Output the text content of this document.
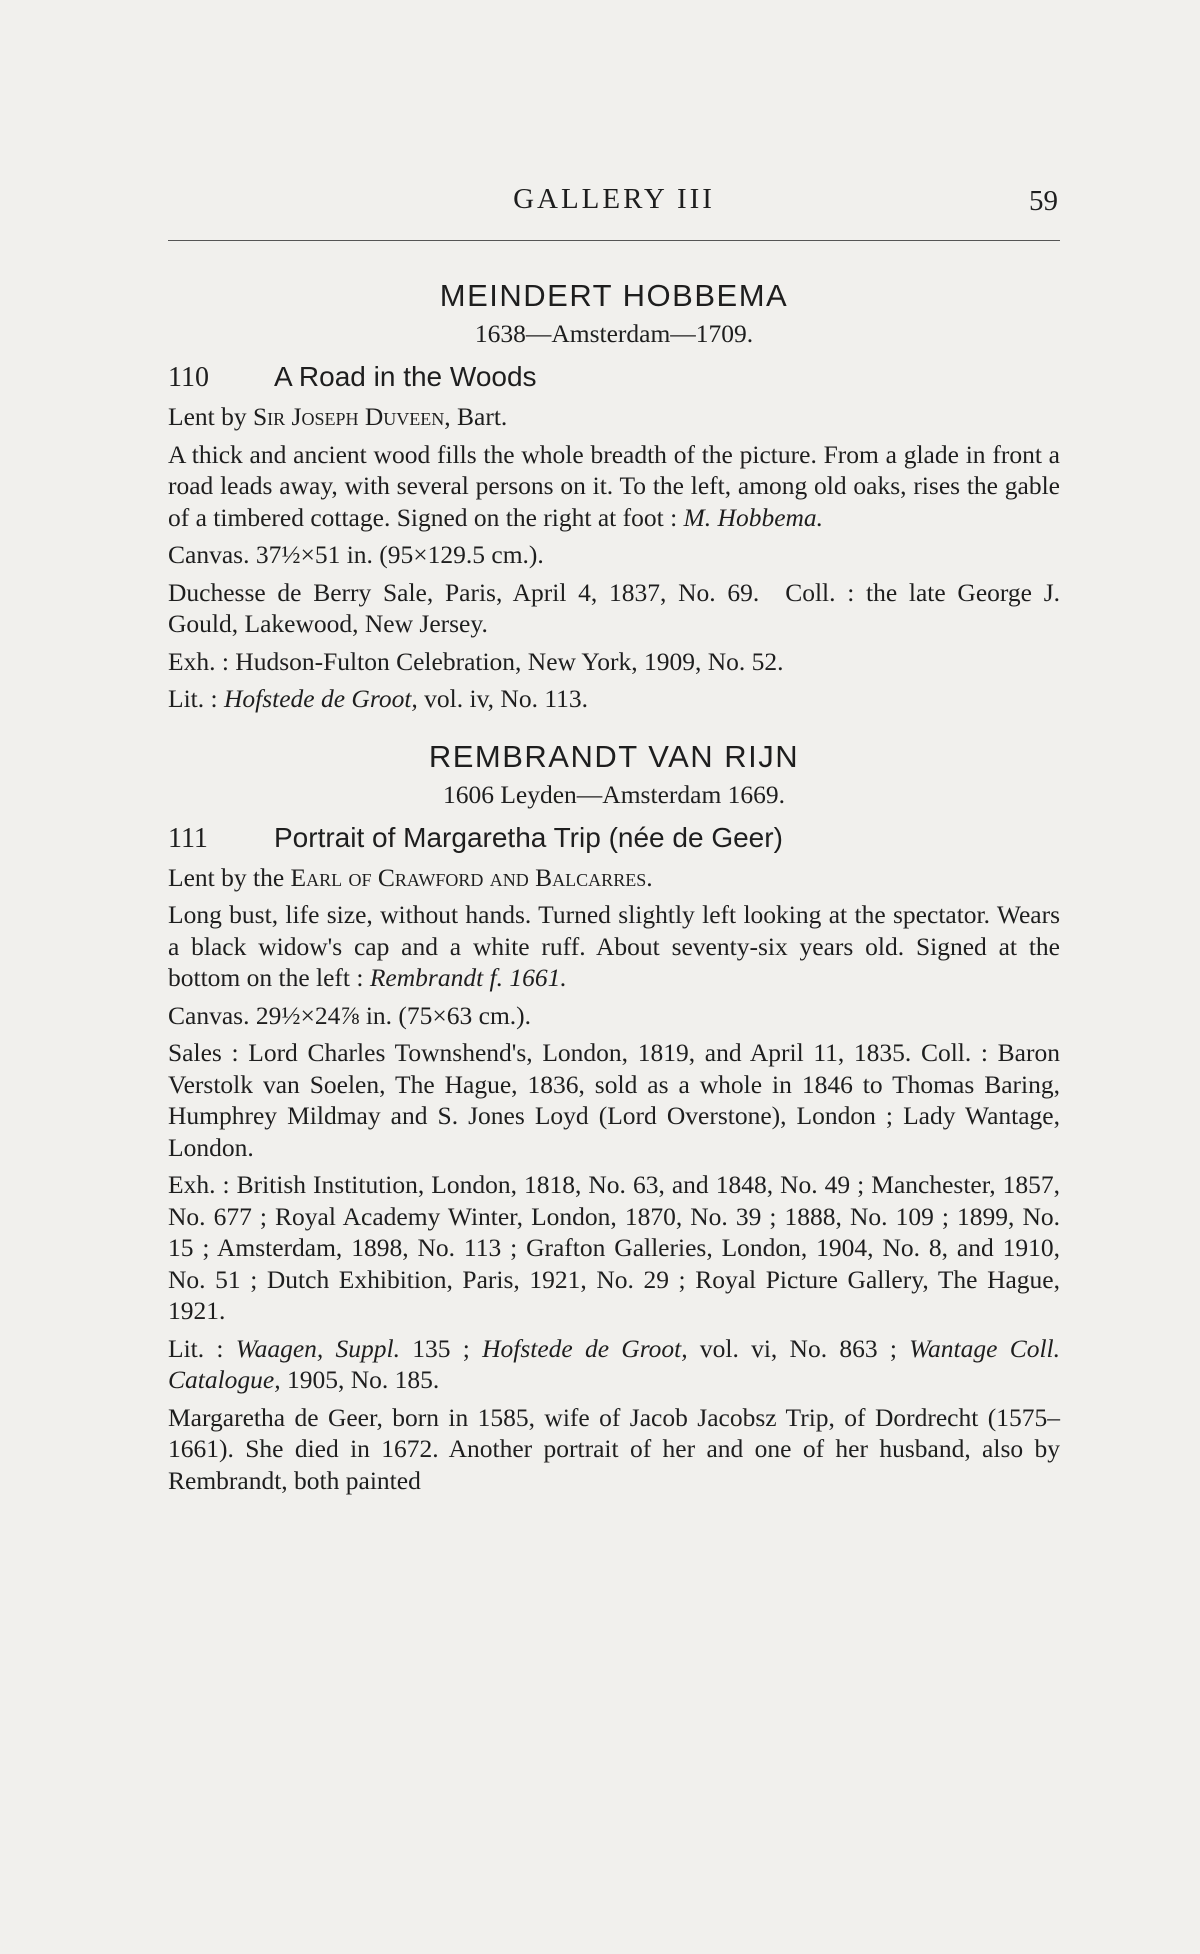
GALLERY III	59
MEINDERT HOBBEMA
1638—Amsterdam—1709.
110 A Road in the Woods

Lent by Sir Joseph Duveen, Bart.

A thick and ancient wood fills the whole breadth of the picture. From a glade in front a road leads away, with several persons on it. To the left, among old oaks, rises the gable of a timbered cottage. Signed on the right at foot : M. Hobbema.

Canvas. 37½×51 in. (95×129.5 cm.).

Duchesse de Berry Sale, Paris, April 4, 1837, No. 69. Coll. : the late George J. Gould, Lakewood, New Jersey.

Exh. : Hudson-Fulton Celebration, New York, 1909, No. 52.

Lit. : Hofstede de Groot, vol. iv, No. 113.

REMBRANDT VAN RIJN
1606 Leyden—Amsterdam 1669.
111 Portrait of Margaretha Trip (née de Geer)

Lent by the Earl of Crawford and Balcarres.

Long bust, life size, without hands. Turned slightly left looking at the spectator. Wears a black widow's cap and a white ruff. About seventy-six years old. Signed at the bottom on the left : Rembrandt f. 1661.

Canvas. 29½×24⅞ in. (75×63 cm.).

Sales : Lord Charles Townshend's, London, 1819, and April 11, 1835. Coll. : Baron Verstolk van Soelen, The Hague, 1836, sold as a whole in 1846 to Thomas Baring, Humphrey Mildmay and S. Jones Loyd (Lord Overstone), London ; Lady Wantage, London.

Exh. : British Institution, London, 1818, No. 63, and 1848, No. 49 ; Manchester, 1857, No. 677 ; Royal Academy Winter, London, 1870, No. 39 ; 1888, No. 109 ; 1899, No. 15 ; Amsterdam, 1898, No. 113 ; Grafton Galleries, London, 1904, No. 8, and 1910, No. 51 ; Dutch Exhibition, Paris, 1921, No. 29 ; Royal Picture Gallery, The Hague, 1921.

Lit. : Waagen, Suppl. 135 ; Hofstede de Groot, vol. vi, No. 863 ; Wantage Coll. Catalogue, 1905, No. 185.

Margaretha de Geer, born in 1585, wife of Jacob Jacobsz Trip, of Dordrecht (1575–1661). She died in 1672. Another portrait of her and one of her husband, also by Rembrandt, both painted
